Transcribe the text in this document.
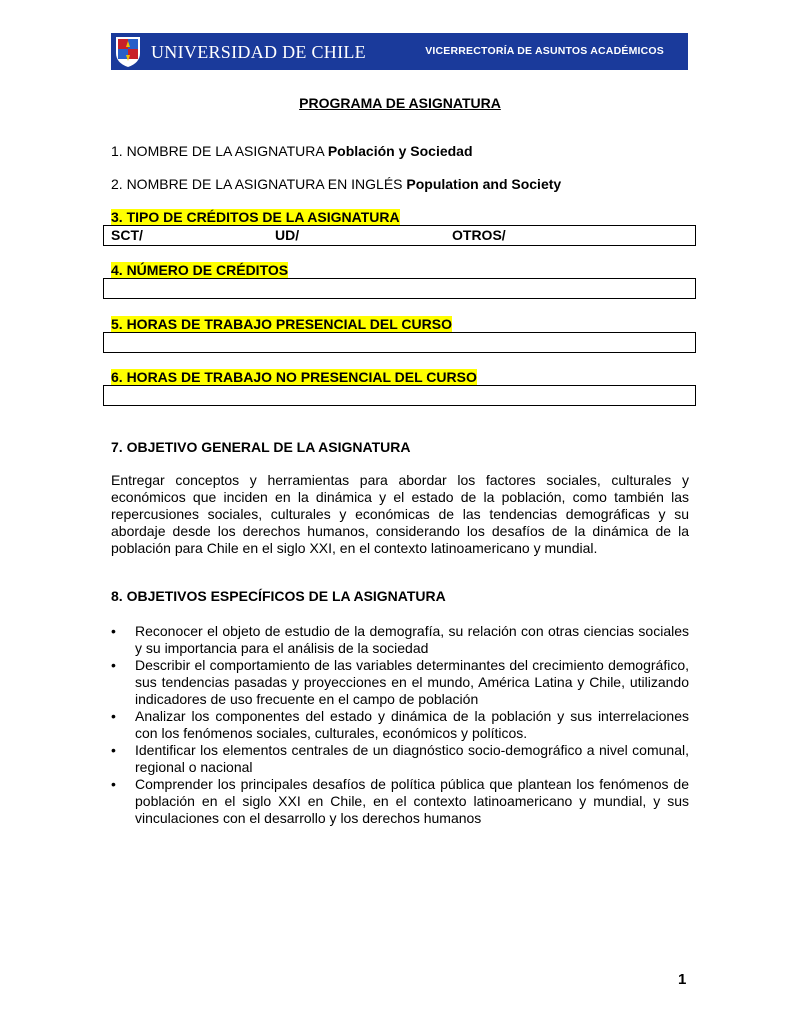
UNIVERSIDAD DE CHILE	VICERRECTORÍA DE ASUNTOS ACADÉMICOS
PROGRAMA DE ASIGNATURA
1. NOMBRE DE LA ASIGNATURA Población y Sociedad
2. NOMBRE DE LA ASIGNATURA EN INGLÉS Population and Society
3. TIPO DE CRÉDITOS DE LA ASIGNATURA
SCT/	UD/	OTROS/
4. NÚMERO DE CRÉDITOS
5. HORAS DE TRABAJO PRESENCIAL DEL CURSO
6. HORAS DE TRABAJO NO PRESENCIAL DEL CURSO
7. OBJETIVO GENERAL DE LA ASIGNATURA
Entregar conceptos y herramientas para abordar los factores sociales, culturales y económicos que inciden en la dinámica y el estado de la población, como también las repercusiones sociales, culturales y económicas de las tendencias demográficas y su abordaje desde los derechos humanos, considerando los desafíos de la dinámica de la población para Chile en el siglo XXI, en el contexto latinoamericano y mundial.
8. OBJETIVOS ESPECÍFICOS DE LA ASIGNATURA
• Reconocer el objeto de estudio de la demografía, su relación con otras ciencias sociales y su importancia para el análisis de la sociedad
• Describir el comportamiento de las variables determinantes del crecimiento demográfico, sus tendencias pasadas y proyecciones en el mundo, América Latina y Chile, utilizando indicadores de uso frecuente en el campo de población
• Analizar los componentes del estado y dinámica de la población y sus interrelaciones con los fenómenos sociales, culturales, económicos y políticos.
• Identificar los elementos centrales de un diagnóstico socio-demográfico a nivel comunal, regional o nacional
• Comprender los principales desafíos de política pública que plantean los fenómenos de población en el siglo XXI en Chile, en el contexto latinoamericano y mundial, y sus vinculaciones con el desarrollo y los derechos humanos
1
